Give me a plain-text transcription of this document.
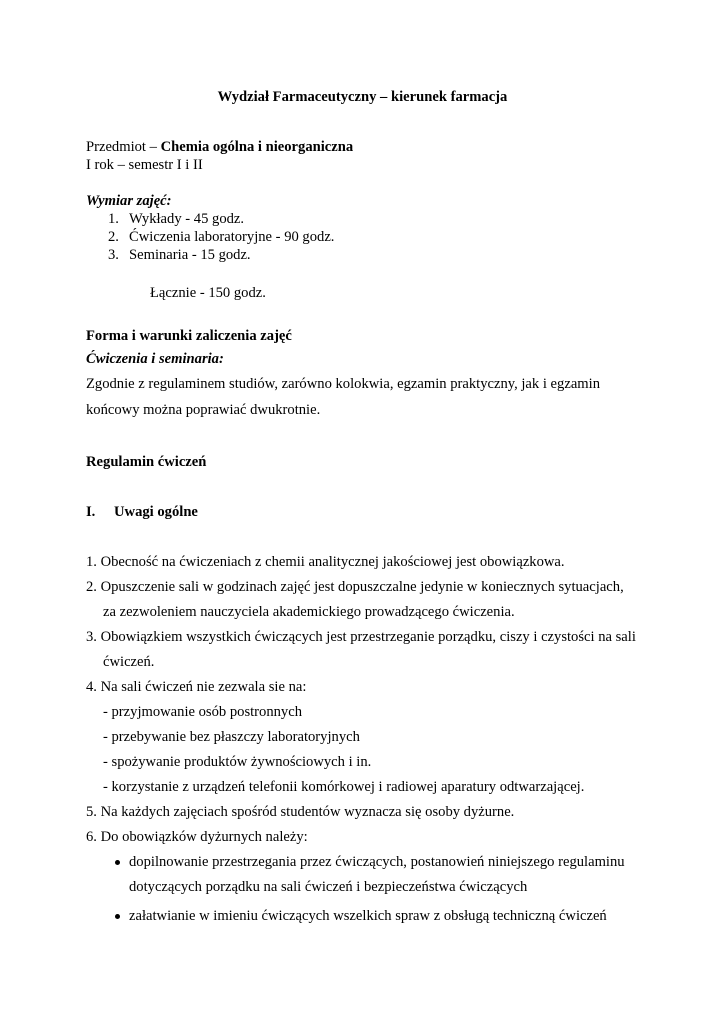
Wydział Farmaceutyczny – kierunek farmacja
Przedmiot – Chemia ogólna i nieorganiczna
I rok – semestr I i II
Wymiar zajęć:
1. Wykłady - 45 godz.
2. Ćwiczenia laboratoryjne - 90 godz.
3. Seminaria - 15 godz.
Łącznie - 150 godz.
Forma i warunki zaliczenia zajęć
Ćwiczenia i seminaria:
Zgodnie z regulaminem studiów, zarówno kolokwia, egzamin praktyczny, jak i egzamin
końcowy można poprawiać dwukrotnie.
Regulamin ćwiczeń
I. Uwagi ogólne
1. Obecność na ćwiczeniach z chemii analitycznej jakościowej jest obowiązkowa.
2. Opuszczenie sali w godzinach zajęć jest dopuszczalne jedynie w koniecznych sytuacjach,
za zezwoleniem nauczyciela akademickiego prowadzącego ćwiczenia.
3. Obowiązkiem wszystkich ćwiczących jest przestrzeganie porządku, ciszy i czystości na sali
ćwiczeń.
4. Na sali ćwiczeń nie zezwala sie na:
- przyjmowanie osób postronnych
- przebywanie bez płaszczy laboratoryjnych
- spożywanie produktów żywnościowych i in.
- korzystanie z urządzeń telefonii komórkowej i radiowej aparatury odtwarzającej.
5. Na każdych zajęciach spośród studentów wyznacza się osoby dyżurne.
6. Do obowiązków dyżurnych należy:
dopilnowanie przestrzegania przez ćwiczących, postanowień niniejszego regulaminu
dotyczących porządku na sali ćwiczeń i bezpieczeństwa ćwiczących
załatwianie w imieniu ćwiczących wszelkich spraw z obsługą techniczną ćwiczeń
